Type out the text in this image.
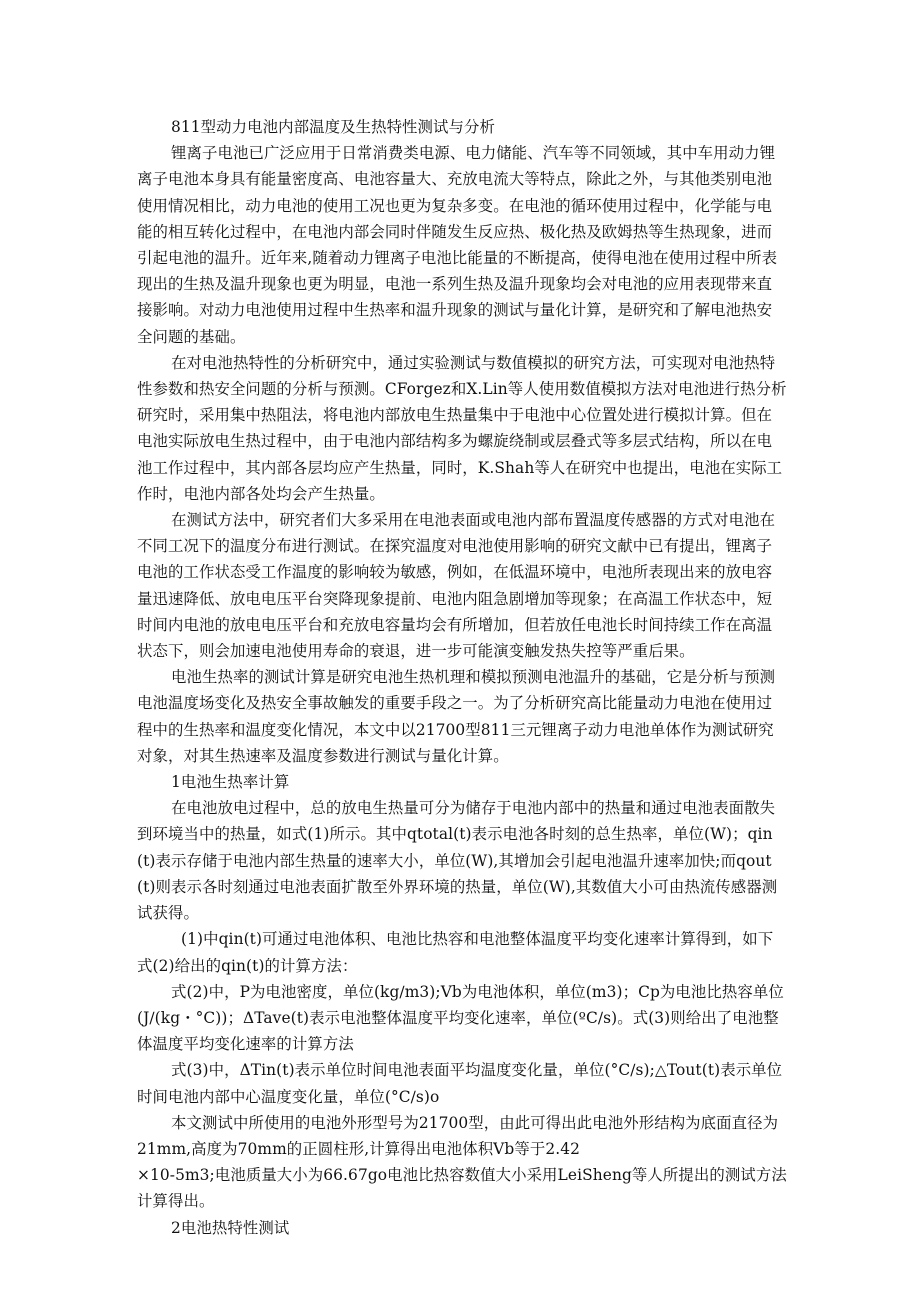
811型动力电池内部温度及生热特性测试与分析

锂离子电池已广泛应用于日常消费类电源、电力储能、汽车等不同领域，其中车用动力锂离子电池本身具有能量密度高、电池容量大、充放电流大等特点，除此之外，与其他类别电池使用情况相比，动力电池的使用工况也更为复杂多变。在电池的循环使用过程中，化学能与电能的相互转化过程中，在电池内部会同时伴随发生反应热、极化热及欧姆热等生热现象，进而引起电池的温升。近年来,随着动力锂离子电池比能量的不断提高，使得电池在使用过程中所表现出的生热及温升现象也更为明显，电池一系列生热及温升现象均会对电池的应用表现带来直接影响。对动力电池使用过程中生热率和温升现象的测试与量化计算，是研究和了解电池热安全问题的基础。

在对电池热特性的分析研究中，通过实验测试与数值模拟的研究方法，可实现对电池热特性参数和热安全问题的分析与预测。CForgez和X.Lin等人使用数值模拟方法对电池进行热分析研究时，采用集中热阻法，将电池内部放电生热量集中于电池中心位置处进行模拟计算。但在电池实际放电生热过程中，由于电池内部结构多为螺旋绕制或层叠式等多层式结构，所以在电池工作过程中，其内部各层均应产生热量，同时，K.Shah等人在研究中也提出，电池在实际工作时，电池内部各处均会产生热量。

在测试方法中，研究者们大多采用在电池表面或电池内部布置温度传感器的方式对电池在不同工况下的温度分布进行测试。在探究温度对电池使用影响的研究文献中已有提出，锂离子电池的工作状态受工作温度的影响较为敏感，例如，在低温环境中，电池所表现出来的放电容量迅速降低、放电电压平台突降现象提前、电池内阻急剧增加等现象；在高温工作状态中，短时间内电池的放电电压平台和充放电容量均会有所增加，但若放任电池长时间持续工作在高温状态下，则会加速电池使用寿命的衰退，进一步可能演变触发热失控等严重后果。

电池生热率的测试计算是研究电池生热机理和模拟预测电池温升的基础，它是分析与预测电池温度场变化及热安全事故触发的重要手段之一。为了分析研究高比能量动力电池在使用过程中的生热率和温度变化情况，本文中以21700型811三元锂离子动力电池单体作为测试研究对象，对其生热速率及温度参数进行测试与量化计算。

1电池生热率计算

在电池放电过程中，总的放电生热量可分为储存于电池内部中的热量和通过电池表面散失到环境当中的热量，如式(1)所示。其中qtotal(t)表示电池各时刻的总生热率，单位(W)；qin(t)表示存储于电池内部生热量的速率大小，单位(W),其增加会引起电池温升速率加快;而qout(t)则表示各时刻通过电池表面扩散至外界环境的热量，单位(W),其数值大小可由热流传感器测试获得。

(1)中qin(t)可通过电池体积、电池比热容和电池整体温度平均变化速率计算得到，如下式(2)给出的qin(t)的计算方法：

式(2)中，P为电池密度，单位(kg∕m3);Vb为电池体积，单位(m3)；Cp为电池比热容单位(J∕(kg・°C))；ΔTave(t)表示电池整体温度平均变化速率，单位(ºC∕s)。式(3)则给出了电池整体温度平均变化速率的计算方法

式(3)中，ΔTin(t)表示单位时间电池表面平均温度变化量，单位(°C∕s);△Tout(t)表示单位时间电池内部中心温度变化量，单位(°C∕s)o

本文测试中所使用的电池外形型号为21700型，由此可得出此电池外形结构为底面直径为21mm,高度为70mm的正圆柱形,计算得出电池体积Vb等于2.42

×10-5m3;电池质量大小为66.67go电池比热容数值大小采用LeiSheng等人所提出的测试方法计算得出。

2电池热特性测试
